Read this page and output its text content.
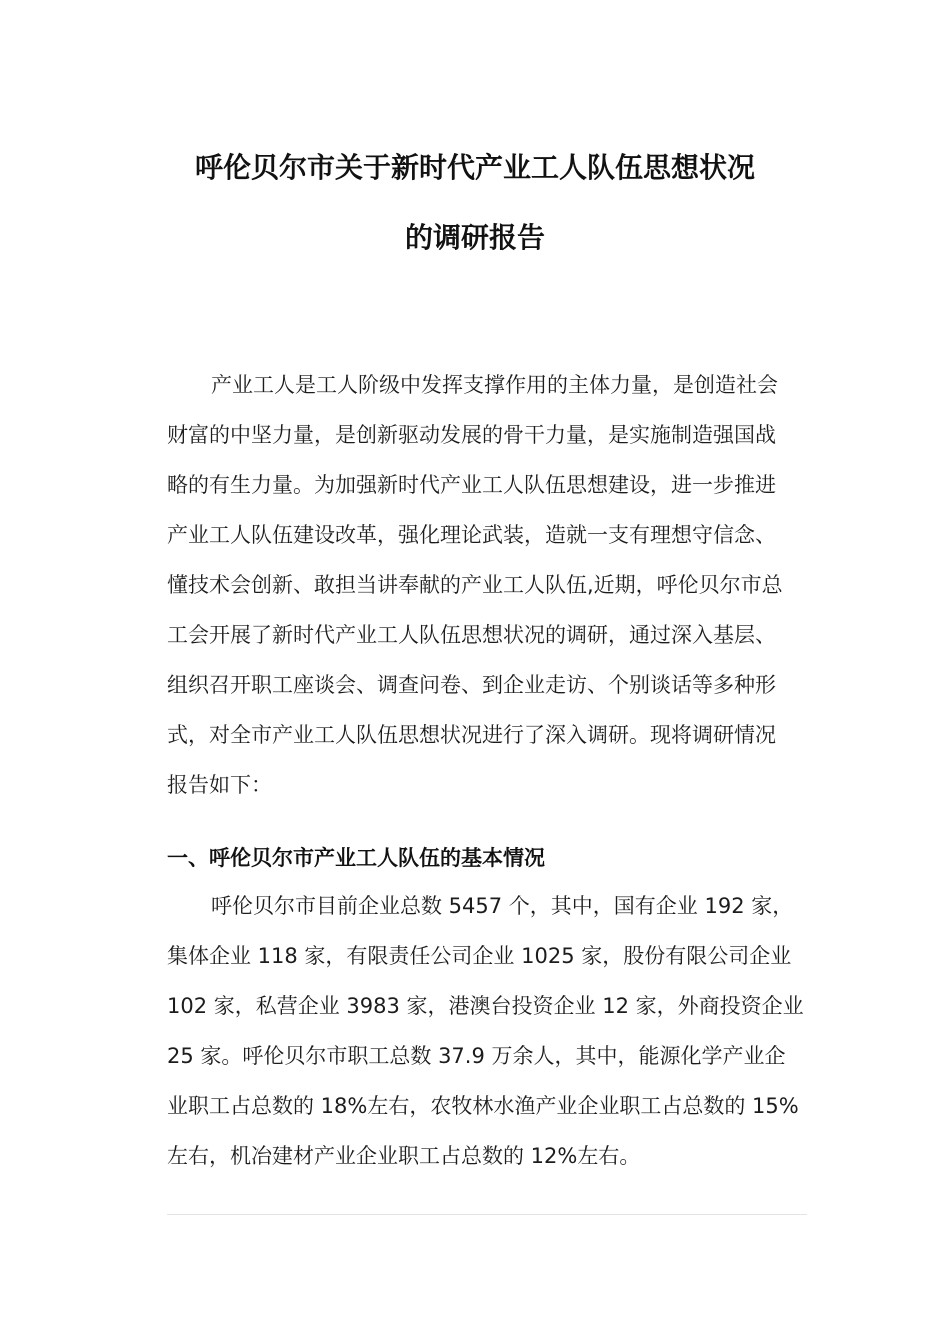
呼伦贝尔市关于新时代产业工人队伍思想状况
的调研报告
产业工人是工人阶级中发挥支撑作用的主体力量，是创造社会
财富的中坚力量，是创新驱动发展的骨干力量，是实施制造强国战
略的有生力量。为加强新时代产业工人队伍思想建设，进一步推进
产业工人队伍建设改革，强化理论武装，造就一支有理想守信念、
懂技术会创新、敢担当讲奉献的产业工人队伍,近期，呼伦贝尔市总
工会开展了新时代产业工人队伍思想状况的调研，通过深入基层、
组织召开职工座谈会、调查问卷、到企业走访、个别谈话等多种形
式，对全市产业工人队伍思想状况进行了深入调研。现将调研情况
报告如下：
一、呼伦贝尔市产业工人队伍的基本情况
呼伦贝尔市目前企业总数 5457 个，其中，国有企业 192 家，
集体企业 118 家，有限责任公司企业 1025 家，股份有限公司企业
102 家，私营企业 3983 家，港澳台投资企业 12 家，外商投资企业
25 家。呼伦贝尔市职工总数 37.9 万余人，其中，能源化学产业企
业职工占总数的 18%左右，农牧林水渔产业企业职工占总数的 15%
左右，机冶建材产业企业职工占总数的 12%左右。
